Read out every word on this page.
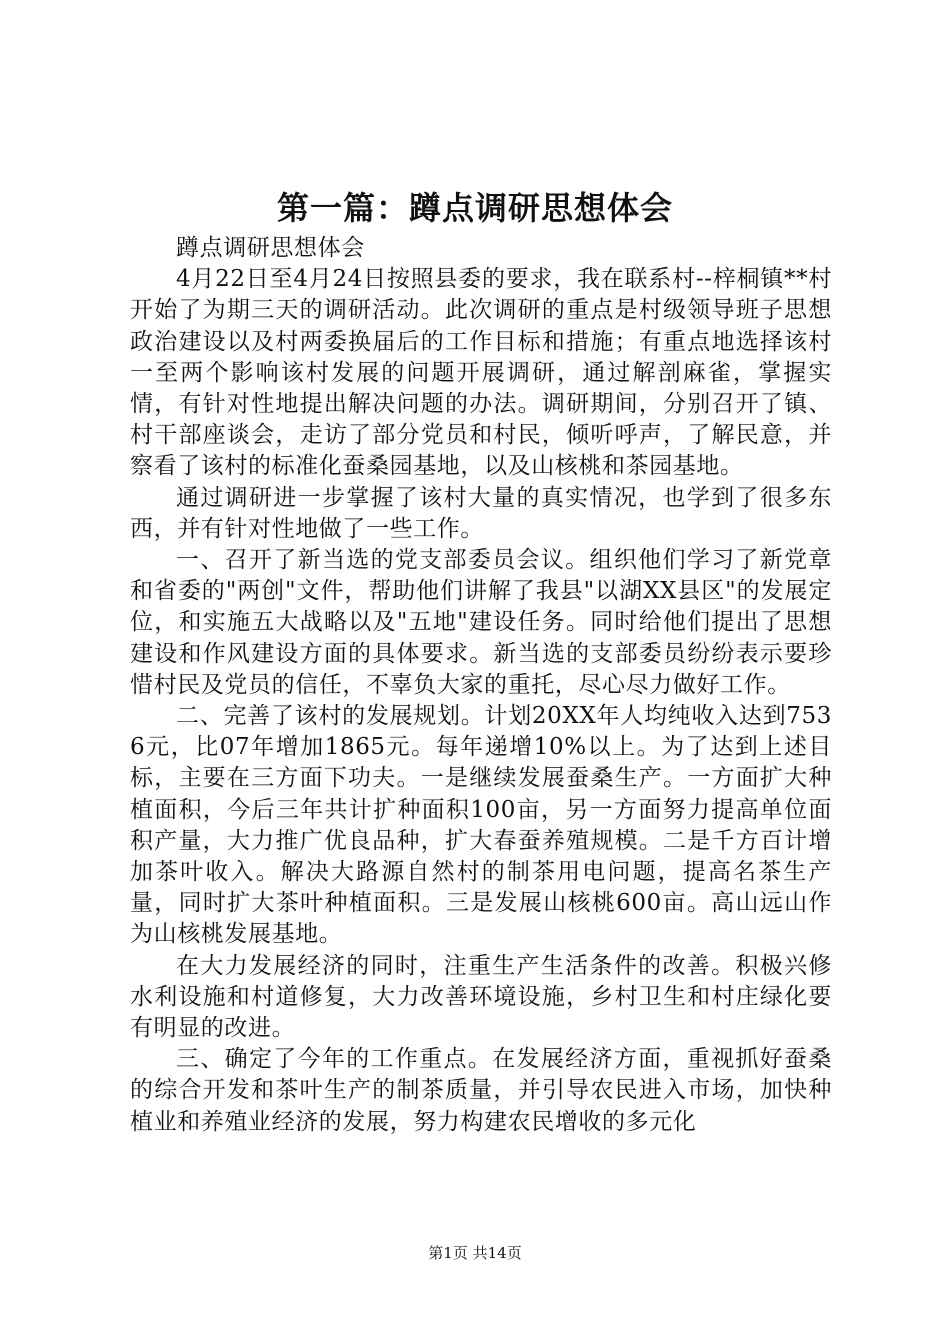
第一篇：蹲点调研思想体会

蹲点调研思想体会

4月22日至4月24日按照县委的要求，我在联系村--梓桐镇**村开始了为期三天的调研活动。此次调研的重点是村级领导班子思想政治建设以及村两委换届后的工作目标和措施；有重点地选择该村一至两个影响该村发展的问题开展调研，通过解剖麻雀，掌握实情，有针对性地提出解决问题的办法。调研期间，分别召开了镇、村干部座谈会，走访了部分党员和村民，倾听呼声，了解民意，并察看了该村的标准化蚕桑园基地，以及山核桃和茶园基地。

通过调研进一步掌握了该村大量的真实情况，也学到了很多东西，并有针对性地做了一些工作。

一、召开了新当选的党支部委员会议。组织他们学习了新党章和省委的"两创"文件，帮助他们讲解了我县"以湖XX县区"的发展定位，和实施五大战略以及"五地"建设任务。同时给他们提出了思想建设和作风建设方面的具体要求。新当选的支部委员纷纷表示要珍惜村民及党员的信任，不辜负大家的重托，尽心尽力做好工作。

二、完善了该村的发展规划。计划20XX年人均纯收入达到7536元，比07年增加1865元。每年递增10%以上。为了达到上述目标，主要在三方面下功夫。一是继续发展蚕桑生产。一方面扩大种植面积，今后三年共计扩种面积100亩，另一方面努力提高单位面积产量，大力推广优良品种，扩大春蚕养殖规模。二是千方百计增加茶叶收入。解决大路源自然村的制茶用电问题，提高名茶生产量，同时扩大茶叶种植面积。三是发展山核桃600亩。高山远山作为山核桃发展基地。

在大力发展经济的同时，注重生产生活条件的改善。积极兴修水利设施和村道修复，大力改善环境设施，乡村卫生和村庄绿化要有明显的改进。

三、确定了今年的工作重点。在发展经济方面，重视抓好蚕桑的综合开发和茶叶生产的制茶质量，并引导农民进入市场，加快种植业和养殖业经济的发展，努力构建农民增收的多元化

第1页 共14页
